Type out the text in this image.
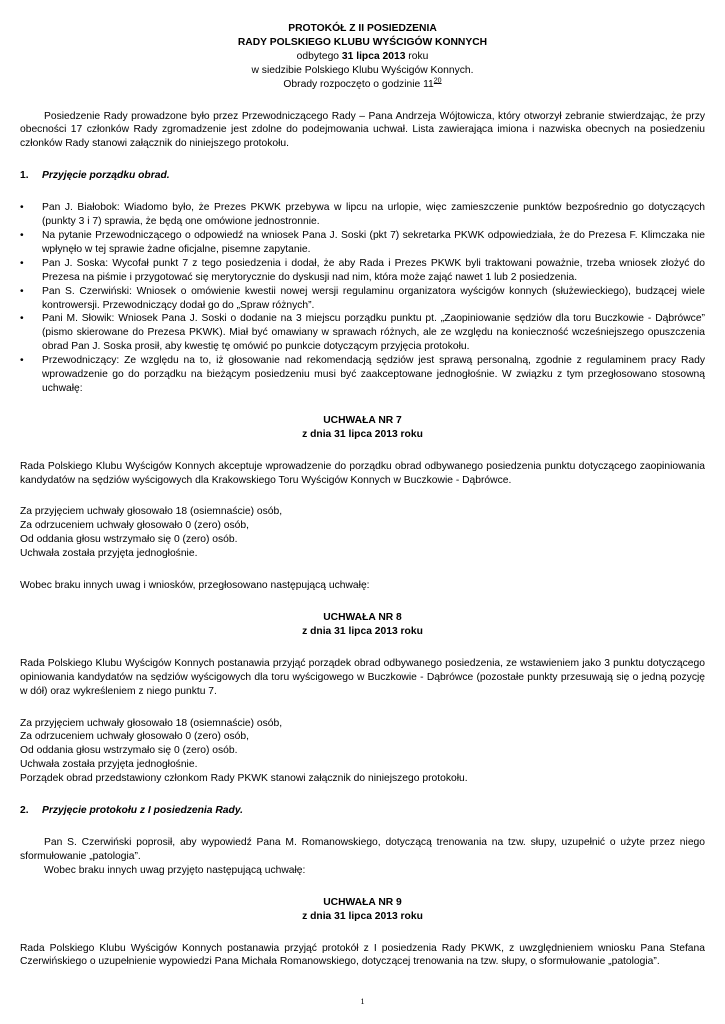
PROTOKÓŁ Z II POSIEDZENIA

RADY POLSKIEGO KLUBU WYŚCIGÓW KONNYCH

odbytego 31 lipca 2013 roku

w siedzibie Polskiego Klubu Wyścigów Konnych.

Obrady rozpoczęto o godzinie $11^{20}$

Posiedzenie Rady prowadzone było przez Przewodniczącego Rady – Pana Andrzeja Wójtowicza, który otworzył zebranie stwierdzając, że przy obecności 17 członków Rady zgromadzenie jest zdolne do podejmowania uchwał. Lista zawierająca imiona i nazwiska obecnych na posiedzeniu członków Rady stanowi załącznik do niniejszego protokołu.

1.	Przyjęcie porządku obrad.
• Pan J. Białobok: Wiadomo było, że Prezes PKWK przebywa w lipcu na urlopie, więc zamieszczenie punktów bezpośrednio go dotyczących (punkty 3 i 7) sprawia, że będą one omówione jednostronnie.
• Na pytanie Przewodniczącego o odpowiedź na wniosek Pana J. Soski (pkt 7) sekretarka PKWK odpowiedziała, że do Prezesa F. Klimczaka nie wpłynęło w tej sprawie żadne oficjalne, pisemne zapytanie.
• Pan J. Soska: Wycofał punkt 7 z tego posiedzenia i dodał, że aby Rada i Prezes PKWK byli traktowani poważnie, trzeba wniosek złożyć do Prezesa na piśmie i przygotować się merytorycznie do dyskusji nad nim, która może zająć nawet 1 lub 2 posiedzenia.
• Pan S. Czerwiński: Wniosek o omówienie kwestii nowej wersji regulaminu organizatora wyścigów konnych (służewieckiego), budzącej wiele kontrowersji. Przewodniczący dodał go do „Spraw różnych”.
• Pani M. Słowik: Wniosek Pana J. Soski o dodanie na 3 miejscu porządku punktu pt. „Zaopiniowanie sędziów dla toru Buczkowie - Dąbrówce” (pismo skierowane do Prezesa PKWK). Miał być omawiany w sprawach różnych, ale ze względu na konieczność wcześniejszego opuszczenia obrad Pan J. Soska prosił, aby kwestię tę omówić po punkcie dotyczącym przyjęcia protokołu.
• Przewodniczący: Ze względu na to, iż głosowanie nad rekomendacją sędziów jest sprawą personalną, zgodnie z regulaminem pracy Rady wprowadzenie go do porządku na bieżącym posiedzeniu musi być zaakceptowane jednogłośnie. W związku z tym przegłosowano stosowną uchwałę:

UCHWAŁA NR 7

z dnia 31 lipca 2013 roku

Rada Polskiego Klubu Wyścigów Konnych akceptuje wprowadzenie do porządku obrad odbywanego posiedzenia punktu dotyczącego zaopiniowania kandydatów na sędziów wyścigowych dla Krakowskiego Toru Wyścigów Konnych w Buczkowie - Dąbrówce.

Za przyjęciem uchwały głosowało 18 (osiemnaście) osób,

Za odrzuceniem uchwały głosowało 0 (zero) osób,

Od oddania głosu wstrzymało się 0 (zero) osób.

Uchwała została przyjęta jednogłośnie.

Wobec braku innych uwag i wniosków, przegłosowano następującą uchwałę:

UCHWAŁA NR 8

z dnia 31 lipca 2013 roku

Rada Polskiego Klubu Wyścigów Konnych postanawia przyjąć porządek obrad odbywanego posiedzenia, ze wstawieniem jako 3 punktu dotyczącego opiniowania kandydatów na sędziów wyścigowych dla toru wyścigowego w Buczkowie - Dąbrówce (pozostałe punkty przesuwają się o jedną pozycję w dół) oraz wykreśleniem z niego punktu 7.

Za przyjęciem uchwały głosowało 18 (osiemnaście) osób,

Za odrzuceniem uchwały głosowało 0 (zero) osób,

Od oddania głosu wstrzymało się 0 (zero) osób.

Uchwała została przyjęta jednogłośnie.

Porządek obrad przedstawiony członkom Rady PKWK stanowi załącznik do niniejszego protokołu.

2.	Przyjęcie protokołu z I posiedzenia Rady.

Pan S. Czerwiński poprosił, aby wypowiedź Pana M. Romanowskiego, dotyczącą trenowania na tzw. słupy, uzupełnić o użyte przez niego sformułowanie „patologia”.

Wobec braku innych uwag przyjęto następującą uchwałę:

UCHWAŁA NR 9

z dnia 31 lipca 2013 roku

Rada Polskiego Klubu Wyścigów Konnych postanawia przyjąć protokół z I posiedzenia Rady PKWK, z uwzględnieniem wniosku Pana Stefana Czerwińskiego o uzupełnienie wypowiedzi Pana Michała Romanowskiego, dotyczącej trenowania na tzw. słupy, o sformułowanie „patologia”.

1
